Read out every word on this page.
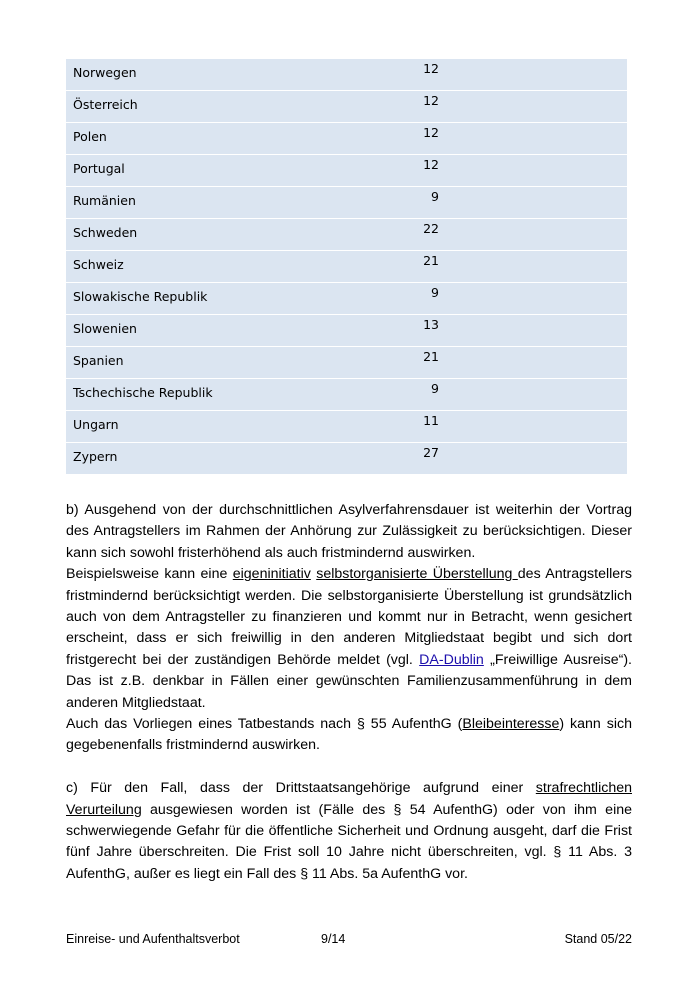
Norwegen	12
Österreich	12
Polen	12
Portugal	12
Rumänien	9
Schweden	22
Schweiz	21
Slowakische Republik	9
Slowenien	13
Spanien	21
Tschechische Republik	9
Ungarn	11
Zypern	27

b) Ausgehend von der durchschnittlichen Asylverfahrensdauer ist weiterhin der Vortrag des Antragstellers im Rahmen der Anhörung zur Zulässigkeit zu berücksichtigen. Dieser kann sich sowohl fristerhöhend als auch fristmindernd auswirken.

Beispielsweise kann eine eigeninitiativ selbstorganisierte Überstellung des Antragstellers fristmindernd berücksichtigt werden. Die selbstorganisierte Überstellung ist grundsätzlich auch von dem Antragsteller zu finanzieren und kommt nur in Betracht, wenn gesichert erscheint, dass er sich freiwillig in den anderen Mitgliedstaat begibt und sich dort fristgerecht bei der zuständigen Behörde meldet (vgl. DA-Dublin „Freiwillige Ausreise“). Das ist z.B. denkbar in Fällen einer gewünschten Familienzusammenführung in dem anderen Mitgliedstaat.

Auch das Vorliegen eines Tatbestands nach § 55 AufenthG (Bleibeinteresse) kann sich gegebenenfalls fristmindernd auswirken.

c) Für den Fall, dass der Drittstaatsangehörige aufgrund einer strafrechtlichen Verurteilung ausgewiesen worden ist (Fälle des § 54 AufenthG) oder von ihm eine schwerwiegende Gefahr für die öffentliche Sicherheit und Ordnung ausgeht, darf die Frist fünf Jahre überschreiten. Die Frist soll 10 Jahre nicht überschreiten, vgl. § 11 Abs. 3 AufenthG, außer es liegt ein Fall des § 11 Abs. 5a AufenthG vor.

Einreise- und Aufenthaltsverbot	9/14	Stand 05/22
